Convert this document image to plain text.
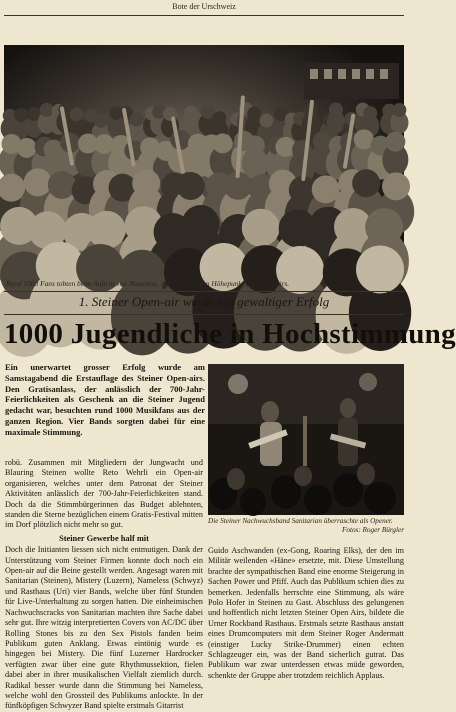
Bote der Urschweiz
Rund 1000 Fans tobten beim Auftritt von Nameless, dem eindeutigen Höhepunkt des Open-airs.
1. Steiner Open-air wurde ein gewaltiger Erfolg
1000 Jugendliche in Hochstimmung
Ein unerwartet grosser Erfolg wurde am Samstagabend die Erstauflage des Steiner Open-airs. Den Gratisanlass, der anlässlich der 700-Jahr-Feierlichkeiten als Geschenk an die Steiner Jugend gedacht war, besuchten rund 1000 Musikfans aus der ganzen Region. Vier Bands sorgten dabei für eine maximale Stimmung.

robü. Zusammen mit Mitgliedern der Jungwacht und Blauring Steinen wollte Reto Wehrli ein Open-air organisieren, welches unter dem Patronat der Steiner Aktivitäten anlässlich der 700-Jahr-Feierlichkeiten stand. Doch da die Stimmbürgerinnen das Budget ablehnten, standen die Sterne bezüglichen einem Gratis-Festival mitten im Dorf plötzlich nicht mehr so gut.

Steiner Gewerbe half mit

Doch die Initianten liessen sich nicht entmutigen. Dank der Unterstützung vom Steiner Firmen konnte doch noch ein Open-air auf die Beine gestellt werden. Angesagt waren mit Sanitarian (Steinen), Mistery (Luzern), Nameless (Schwyz) und Rasthaus (Uri) vier Bands, welche über fünf Stunden für Live-Unterhaltung zu sorgen hatten. Die einheimischen Nachwuchscracks von Sanitarian machten ihre Sache dabei sehr gut. Ihre witzig interpretierten Covers von AC/DC über Rolling Stones bis zu den Sex Pistols fanden beim Publikum guten Anklang. Etwas eintönig wurde es hingegen bei Mistery. Die fünf Luzerner Hardrocker verfügten zwar über eine gute Rhythmussektion, fielen dabei aber in ihrer musikalischen Vielfalt ziemlich durch. Radikal besser wurde dann die Stimmung bei Nameless, welche wohl den Grossteil des Publikums anlockte. In der fünfköpfigen Schwyzer Band spielte erstmals Gitarrist

Die Steiner Nachwuchsband Sanitarian überraschte als Opener.
Fotos: Roger Bürgler

Guido Aschwanden (ex-Gong, Roaring Elks), der den im Militär weilenden «Häne» ersetzte, mit. Diese Umstellung brachte der sympathischen Band eine enorme Steigerung in Sachen Power und Pfiff. Auch das Publikum schien dies zu bemerken. Jedenfalls herrschte eine Stimmung, als wäre Polo Hofer in Steinen zu Gast. Abschluss des gelungenen und hoffentlich nicht letzten Steiner Open Airs, bildete die Urner Rockband Rasthaus. Erstmals setzte Rasthaus anstatt eines Drumcomputers mit dem Steiner Roger Andermatt (einstiger Lucky Strike-Drummer) einen echten Schlagzeuger ein, was der Band sicherlich gutrat. Das Publikum war zwar unterdessen etwas müde geworden, schenkte der Gruppe aber trotzdem reichlich Applaus.
